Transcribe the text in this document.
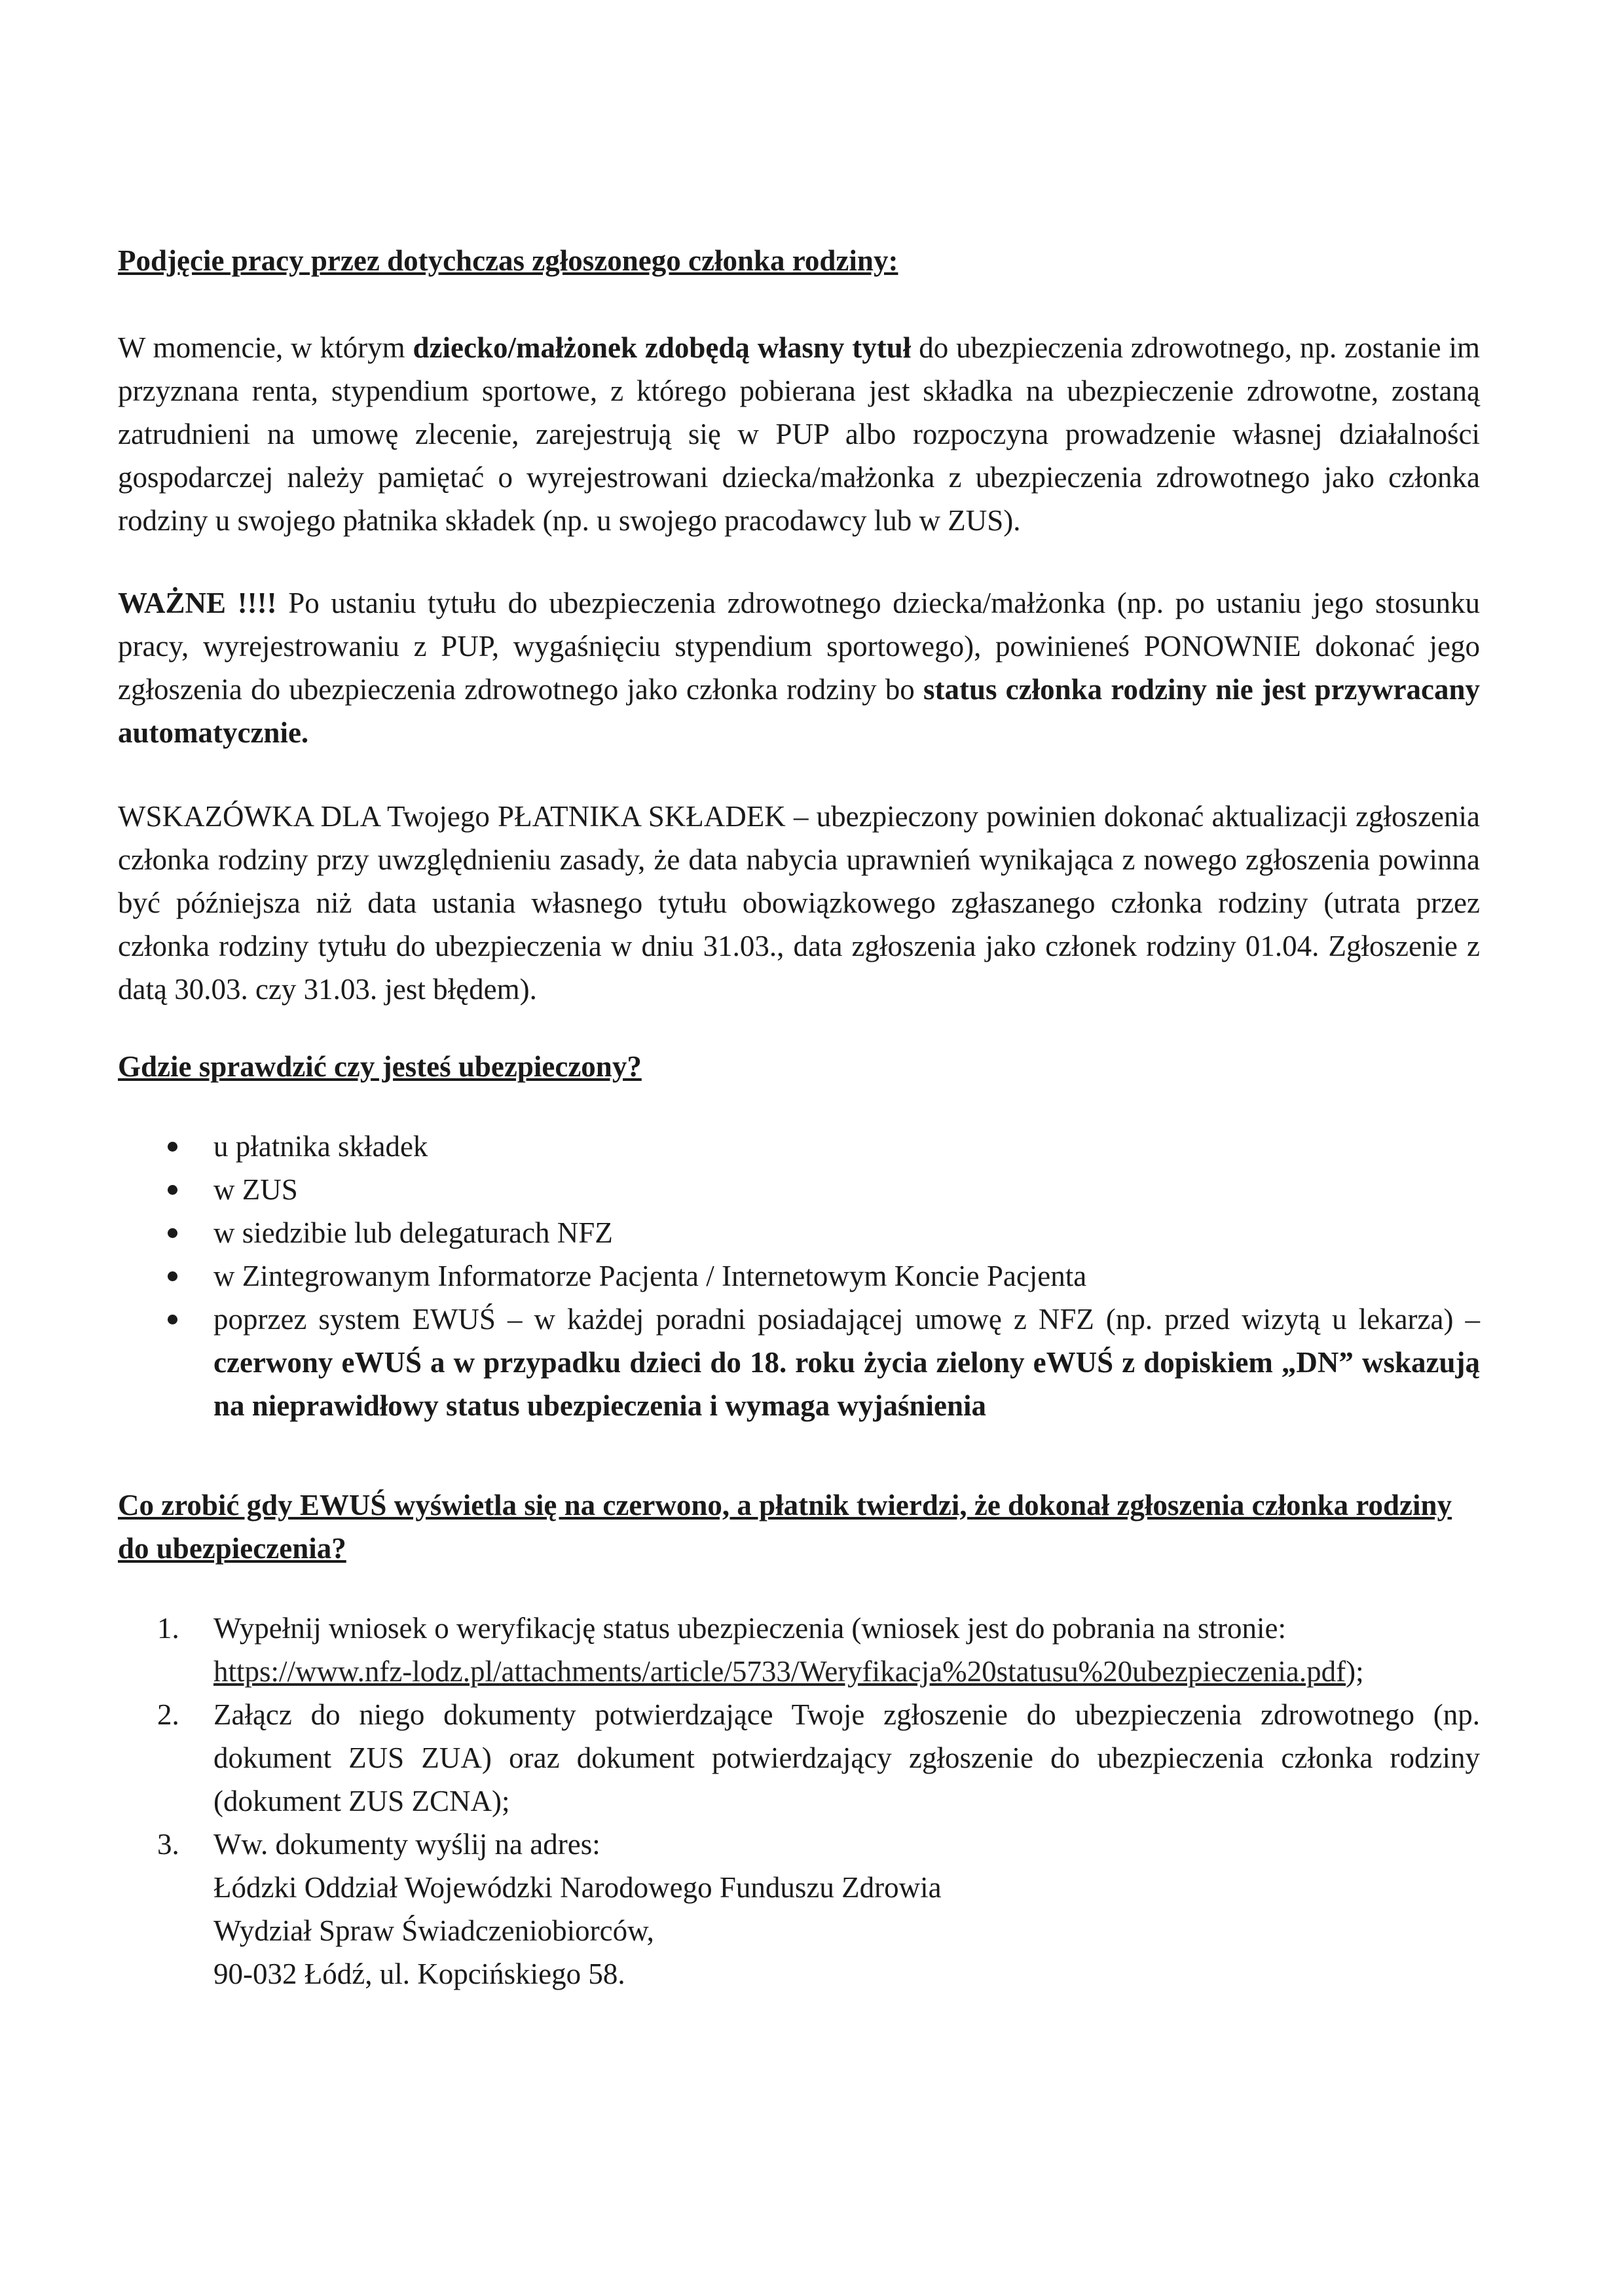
Podjęcie pracy przez dotychczas zgłoszonego członka rodziny:

W momencie, w którym dziecko/małżonek zdobędą własny tytuł do ubezpieczenia zdrowotnego, np. zostanie im przyznana renta, stypendium sportowe, z którego pobierana jest składka na ubezpieczenie zdrowotne, zostaną zatrudnieni na umowę zlecenie, zarejestrują się w PUP albo rozpoczyna prowadzenie własnej działalności gospodarczej należy pamiętać o wyrejestrowani dziecka/małżonka z ubezpieczenia zdrowotnego jako członka rodziny u swojego płatnika składek (np. u swojego pracodawcy lub w ZUS).

WAŻNE !!!! Po ustaniu tytułu do ubezpieczenia zdrowotnego dziecka/małżonka (np. po ustaniu jego stosunku pracy, wyrejestrowaniu z PUP, wygaśnięciu stypendium sportowego), powinieneś PONOWNIE dokonać jego zgłoszenia do ubezpieczenia zdrowotnego jako członka rodziny bo status członka rodziny nie jest przywracany automatycznie.

WSKAZÓWKA DLA Twojego PŁATNIKA SKŁADEK – ubezpieczony powinien dokonać aktualizacji zgłoszenia członka rodziny przy uwzględnieniu zasady, że data nabycia uprawnień wynikająca z nowego zgłoszenia powinna być późniejsza niż data ustania własnego tytułu obowiązkowego zgłaszanego członka rodziny (utrata przez członka rodziny tytułu do ubezpieczenia w dniu 31.03., data zgłoszenia jako członek rodziny 01.04. Zgłoszenie z datą 30.03. czy 31.03. jest błędem).

Gdzie sprawdzić czy jesteś ubezpieczony?

u płatnika składek
w ZUS
w siedzibie lub delegaturach NFZ
w Zintegrowanym Informatorze Pacjenta / Internetowym Koncie Pacjenta
poprzez system EWUŚ – w każdej poradni posiadającej umowę z NFZ (np. przed wizytą u lekarza) – czerwony eWUŚ a w przypadku dzieci do 18. roku życia zielony eWUŚ z dopiskiem „DN” wskazują na nieprawidłowy status ubezpieczenia i wymaga wyjaśnienia

Co zrobić gdy EWUŚ wyświetla się na czerwono, a płatnik twierdzi, że dokonał zgłoszenia członka rodziny do ubezpieczenia?

1. Wypełnij wniosek o weryfikację status ubezpieczenia (wniosek jest do pobrania na stronie:
https://www.nfz-lodz.pl/attachments/article/5733/Weryfikacja%20statusu%20ubezpieczenia.pdf);
2. Załącz do niego dokumenty potwierdzające Twoje zgłoszenie do ubezpieczenia zdrowotnego (np. dokument ZUS ZUA) oraz dokument potwierdzający zgłoszenie do ubezpieczenia członka rodziny (dokument ZUS ZCNA);
3. Ww. dokumenty wyślij na adres:
Łódzki Oddział Wojewódzki Narodowego Funduszu Zdrowia
Wydział Spraw Świadczeniobiorców,
90-032 Łódź, ul. Kopcińskiego 58.
